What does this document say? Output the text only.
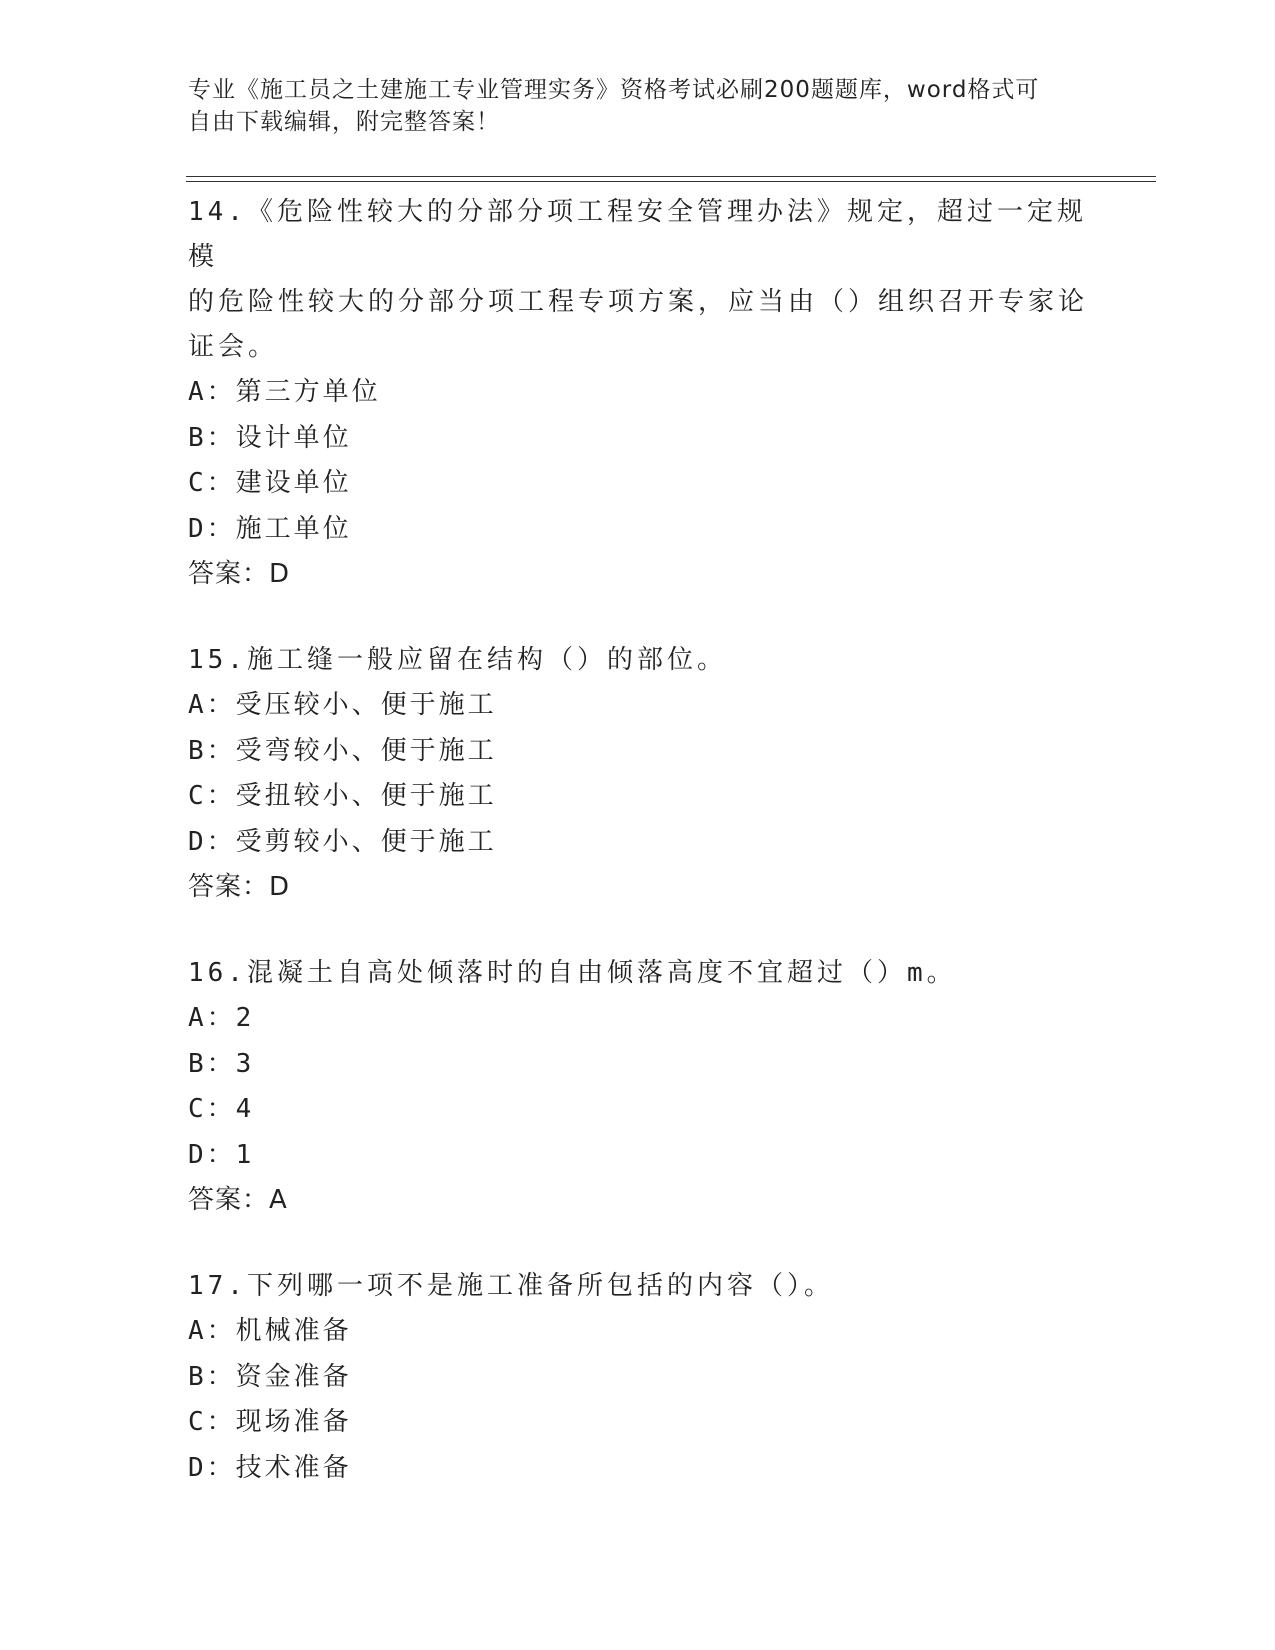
专业《施工员之土建施工专业管理实务》资格考试必刷200题题库，word格式可
自由下载编辑，附完整答案！

14.《危险性较大的分部分项工程安全管理办法》规定，超过一定规模

的危险性较大的分部分项工程专项方案，应当由（）组织召开专家论

证会。

A：第三方单位

B：设计单位

C：建设单位

D：施工单位

答案：D

15.施工缝一般应留在结构（）的部位。

A：受压较小、便于施工

B：受弯较小、便于施工

C：受扭较小、便于施工

D：受剪较小、便于施工

答案：D

16.混凝土自高处倾落时的自由倾落高度不宜超过（）m。

A：2

B：3

C：4

D：1

答案：A

17.下列哪一项不是施工准备所包括的内容（）。

A：机械准备

B：资金准备

C：现场准备

D：技术准备
